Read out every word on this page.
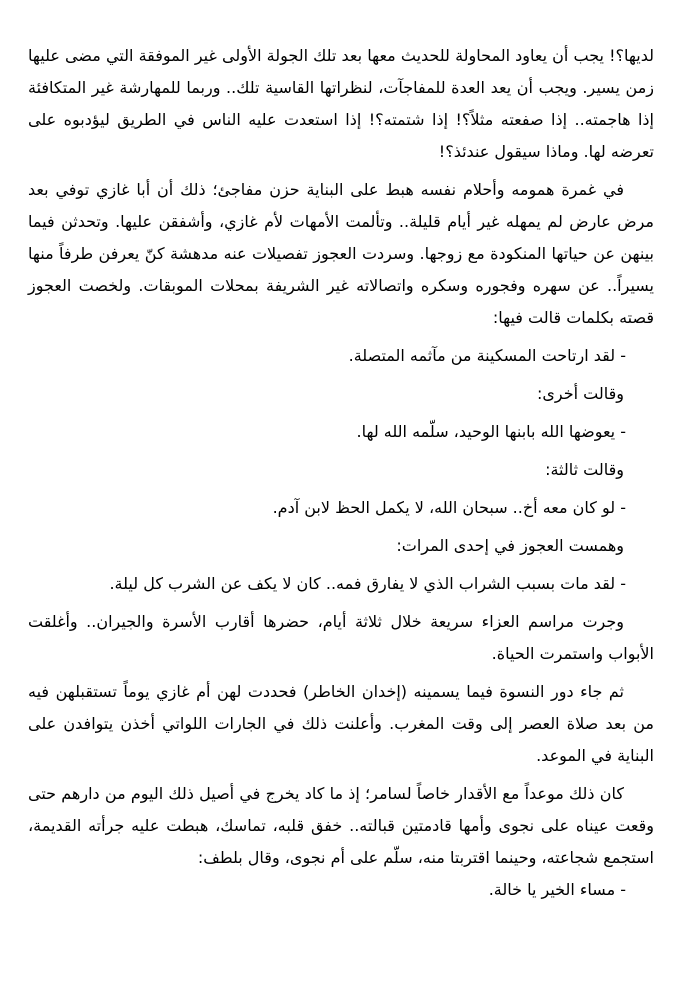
لديها؟! يجب أن يعاود المحاولة للحديث معها بعد تلك الجولة الأولى غير الموفقة التي مضى عليها زمن يسير. ويجب أن يعد العدة للمفاجآت، لنظراتها القاسية تلك.. وربما للمهارشة غير المتكافئة إذا هاجمته.. إذا صفعته مثلاً؟! إذا شتمته؟! إذا استعدت عليه الناس في الطريق ليؤدبوه على تعرضه لها. وماذا سيقول عندئذ؟!

في غمرة همومه وأحلام نفسه هبط على البناية حزن مفاجئ؛ ذلك أن أبا غازي توفي بعد مرض عارض لم يمهله غير أيام قليلة.. وتألمت الأمهات لأم غازي، وأشفقن عليها. وتحدثن فيما بينهن عن حياتها المنكودة مع زوجها. وسردت العجوز تفصيلات عنه مدهشة كنّ يعرفن طرفاً منها يسيراً.. عن سهره وفجوره وسكره واتصالاته غير الشريفة بمحلات الموبقات. ولخصت العجوز قصته بكلمات قالت فيها:

- لقد ارتاحت المسكينة من مآثمه المتصلة.

وقالت أخرى:

- يعوضها الله بابنها الوحيد، سلّمه الله لها.

وقالت ثالثة:

- لو كان معه أخ.. سبحان الله، لا يكمل الحظ لابن آدم.

وهمست العجوز في إحدى المرات:

- لقد مات بسبب الشراب الذي لا يفارق فمه.. كان لا يكف عن الشرب كل ليلة.

وجرت مراسم العزاء سريعة خلال ثلاثة أيام، حضرها أقارب الأسرة والجيران.. وأغلقت الأبواب واستمرت الحياة.

ثم جاء دور النسوة فيما يسمينه (إخدان الخاطر) فحددت لهن أم غازي يوماً تستقبلهن فيه من بعد صلاة العصر إلى وقت المغرب. وأعلنت ذلك في الجارات اللواتي أخذن يتوافدن على البناية في الموعد.

كان ذلك موعداً مع الأقدار خاصاً لسامر؛ إذ ما كاد يخرج في أصيل ذلك اليوم من دارهم حتى وقعت عيناه على نجوى وأمها قادمتين قبالته.. خفق قلبه، تماسك، هبطت عليه جرأته القديمة، استجمع شجاعته، وحينما اقتربتا منه، سلّم على أم نجوى، وقال بلطف:

- مساء الخير يا خالة.
